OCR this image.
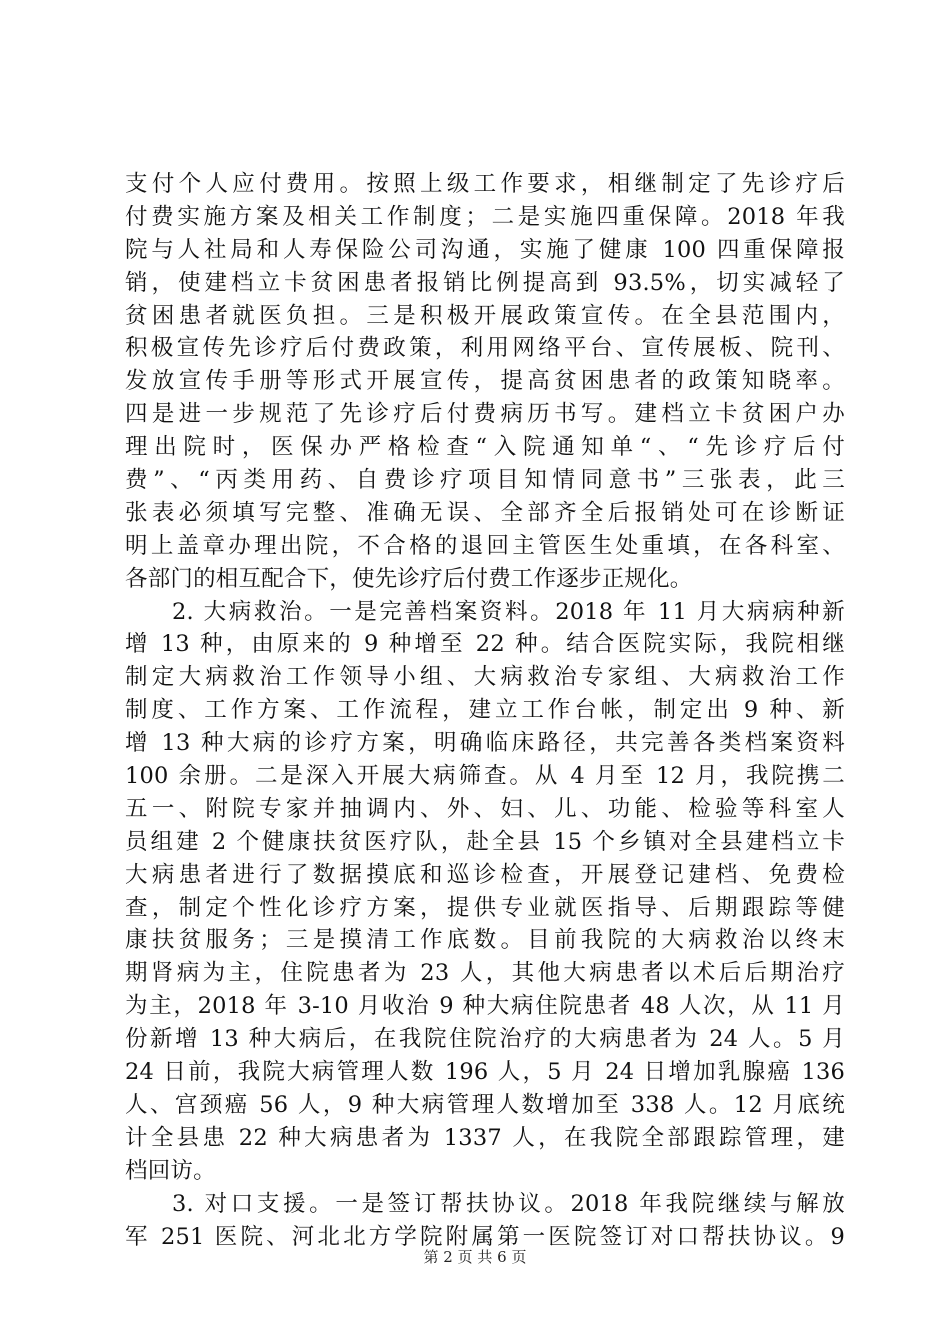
支付个人应付费用。按照上级工作要求，相继制定了先诊疗后
付费实施方案及相关工作制度；二是实施四重保障。2018 年我
院与人社局和人寿保险公司沟通，实施了健康 100 四重保障报
销，使建档立卡贫困患者报销比例提高到 93.5%，切实减轻了
贫困患者就医负担。三是积极开展政策宣传。在全县范围内，
积极宣传先诊疗后付费政策，利用网络平台、宣传展板、院刊、
发放宣传手册等形式开展宣传，提高贫困患者的政策知晓率。
四是进一步规范了先诊疗后付费病历书写。建档立卡贫困户办
理出院时，医保办严格检查“入院通知单“、“先诊疗后付
费”、“丙类用药、自费诊疗项目知情同意书”三张表，此三
张表必须填写完整、准确无误、全部齐全后报销处可在诊断证
明上盖章办理出院，不合格的退回主管医生处重填，在各科室、
各部门的相互配合下，使先诊疗后付费工作逐步正规化。
2. 大病救治。一是完善档案资料。2018 年 11 月大病病种新
增 13 种，由原来的 9 种增至 22 种。结合医院实际，我院相继
制定大病救治工作领导小组、大病救治专家组、大病救治工作
制度、工作方案、工作流程，建立工作台帐，制定出 9 种、新
增 13 种大病的诊疗方案，明确临床路径，共完善各类档案资料
100 余册。二是深入开展大病筛查。从 4 月至 12 月，我院携二
五一、附院专家并抽调内、外、妇、儿、功能、检验等科室人
员组建 2 个健康扶贫医疗队，赴全县 15 个乡镇对全县建档立卡
大病患者进行了数据摸底和巡诊检查，开展登记建档、免费检
查，制定个性化诊疗方案，提供专业就医指导、后期跟踪等健
康扶贫服务；三是摸清工作底数。目前我院的大病救治以终末
期肾病为主，住院患者为 23 人，其他大病患者以术后后期治疗
为主，2018 年 3-10 月收治 9 种大病住院患者 48 人次，从 11 月
份新增 13 种大病后，在我院住院治疗的大病患者为 24 人。5 月
24 日前，我院大病管理人数 196 人，5 月 24 日增加乳腺癌 136
人、宫颈癌 56 人，9 种大病管理人数增加至 338 人。12 月底统
计全县患 22 种大病患者为 1337 人，在我院全部跟踪管理，建
档回访。
3. 对口支援。一是签订帮扶协议。2018 年我院继续与解放
军 251 医院、河北北方学院附属第一医院签订对口帮扶协议。9
第 2 页 共 6 页
